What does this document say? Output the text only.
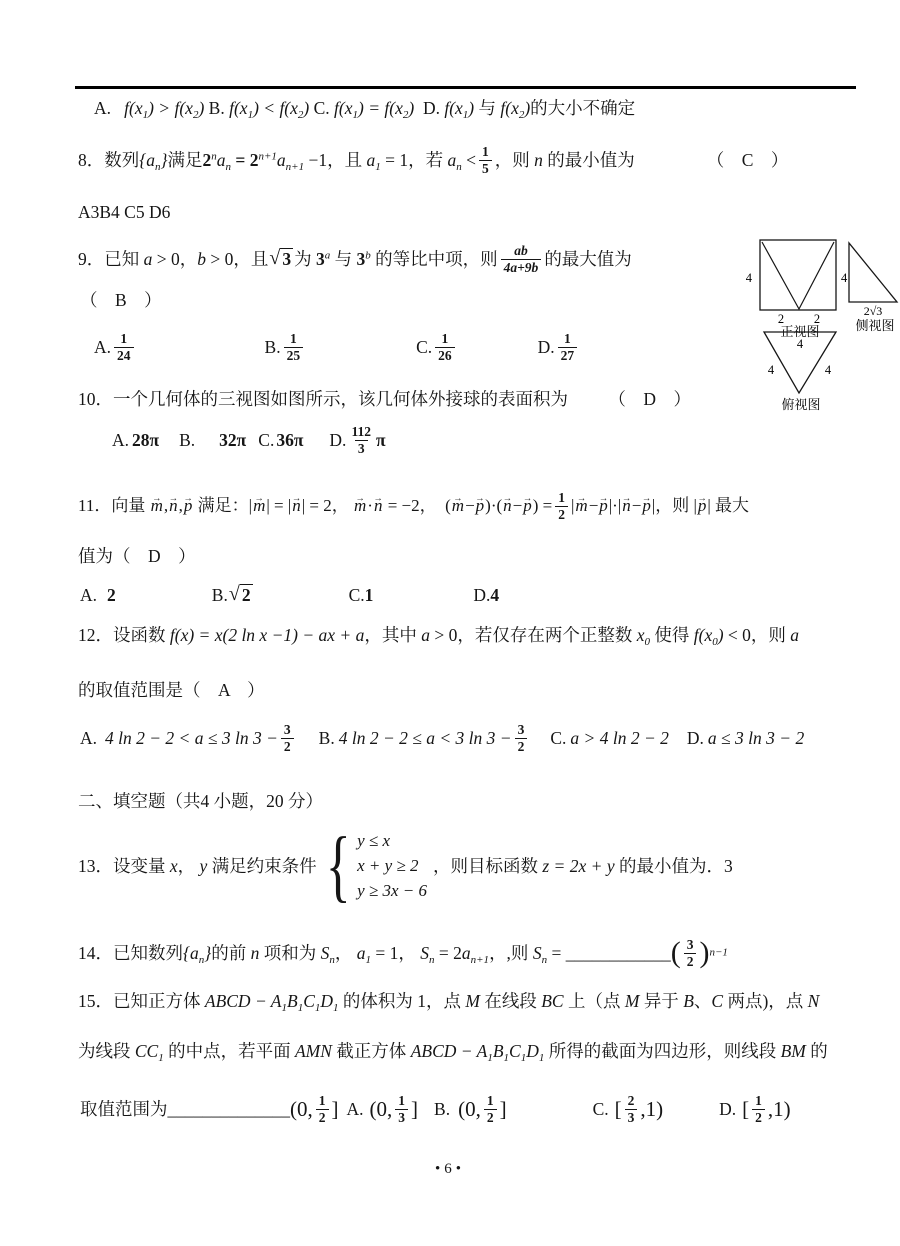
A. $f(x_1) > f(x_2)$ B. $f(x_1) < f(x_2)$ C. $f(x_1) = f(x_2)$ D. $f(x_1)$ 与 $f(x_2)$的大小不确定
8．数列$\{a_n\}$满足$2^na_n = 2^{n+1}a_{n+1} -1$，且 $a_1 = 1$，若 $a_n < \frac{1}{5}$ ，则 n 的最小值为	（　C　）
A3B4 C5 D6
9．已知 a > 0，b > 0，且 √ 3 为 3$^a$ 与 3$^b$ 的等比中项，则 $\frac{ab}{4a+9b}$ 的最大值为
（　B　）
A. $\frac{1}{24}$	B. $\frac{1}{25}$	C. $\frac{1}{26}$	D. $\frac{1}{27}$
10．一个几何体的三视图如图所示，该几何体外接球的表面积为 （　D　）
A. 28π B. 32π C. 36π D. $\frac{112}{3}$ π
11．向量 m →,n →,p → 满足：|m →| = |n →| = 2， m →·n → = −2，　(m →−p →)·(n →−p →) = $\frac{1}{2} |m \to-p \to|\cdot|n \to-p$ →|，则 |p →| 最大
值为（　D　）
A. 2	B. √ 2	C. 1	D. 4
12．设函数 f(x) = x(2 ln x −1) − ax + a，其中 a > 0，若仅存在两个正整数 $x_0$ 使得 $f(x_0) < 0$，则 a
的取值范围是（　A　）
A. 4 ln 2 − 2 < a ≤ 3 $\ln 3 - \frac{3}{2} B$. 4 ln 2 − 2 ≤ a < 3 $\ln 3 - \frac{3}{2} C$. a > 4 ln 2 − 2 D. a ≤ 3 ln 3 − 2
二、填空题（共4 小题，20 分）
13．设变量 x， y 满足约束条件 { y ≤ x
x + y ≥ 2
y ≥ 3x − 6
，则目标函数 z = 2x + y 的最小值为．3
14．已知数列$\{a_n\}$的前 n 项和为 $S_n$， $a_1 = 1$， $S_n = 2a_{n+1}$，,则 $S_n$ = ____________ ( $\frac{3}{2} )^{n-1}$
15．已知正方体 ABCD − $A_1B_1C_1D_1$ 的体积为 1，点 M 在线段 BC 上（点 M 异于 B、C 两点)，点 N
为线段 $CC_1$ 的中点，若平面 AMN 截正方体 ABCD − $A_1B_1C_1D_1$ 所得的截面为四边形，则线段 BM 的
取值范围为______________ (0, $\frac{1}{2}$ ] A. (0, $\frac{1}{3}$ ] B. (0, $\frac{1}{2}$ ]	C. [ $\frac{2}{3} ,1$)	D. [ $\frac{1}{2} ,1$)
4	4
2 2
正视图
2√3
侧视图
4
4	4
俯视图
•6•
